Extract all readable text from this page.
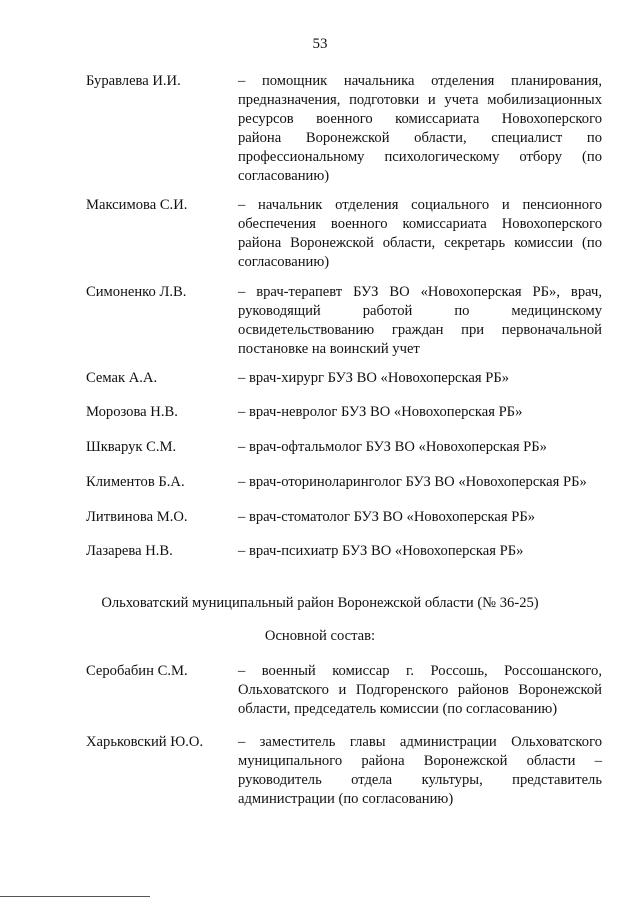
53
Буравлева И.И.	– помощник начальника отделения планирования,
предназначения, подготовки и учета мобилизационных
ресурсов военного комиссариата Новохоперского
района Воронежской области, специалист по
профессиональному психологическому отбору (по
согласованию)
Максимова С.И.	– начальник отделения социального и пенсионного
обеспечения военного комиссариата Новохоперского
района Воронежской области, секретарь комиссии (по
согласованию)
Симоненко Л.В.	– врач-терапевт БУЗ ВО «Новохоперская РБ», врач,
руководящий работой по медицинскому
освидетельствованию граждан при первоначальной
постановке на воинский учет
Семак А.А.	– врач-хирург БУЗ ВО «Новохоперская РБ»
Морозова Н.В.	– врач-невролог БУЗ ВО «Новохоперская РБ»
Шкварук С.М.	– врач-офтальмолог БУЗ ВО «Новохоперская РБ»
Климентов Б.А.	– врач-оториноларинголог БУЗ ВО «Новохоперская РБ»
Литвинова М.О.	– врач-стоматолог БУЗ ВО «Новохоперская РБ»
Лазарева Н.В.	– врач-психиатр БУЗ ВО «Новохоперская РБ»
Ольховатский муниципальный район Воронежской области (№ 36-25)
Основной состав:
Серобабин С.М.	– военный комиссар г. Россошь, Россошанского,
Ольховатского и Подгоренского районов Воронежской
области, председатель комиссии (по согласованию)
Харьковский Ю.О. – заместитель главы администрации Ольховатского
муниципального района Воронежской области –
руководитель отдела культуры, представитель
администрации (по согласованию)
